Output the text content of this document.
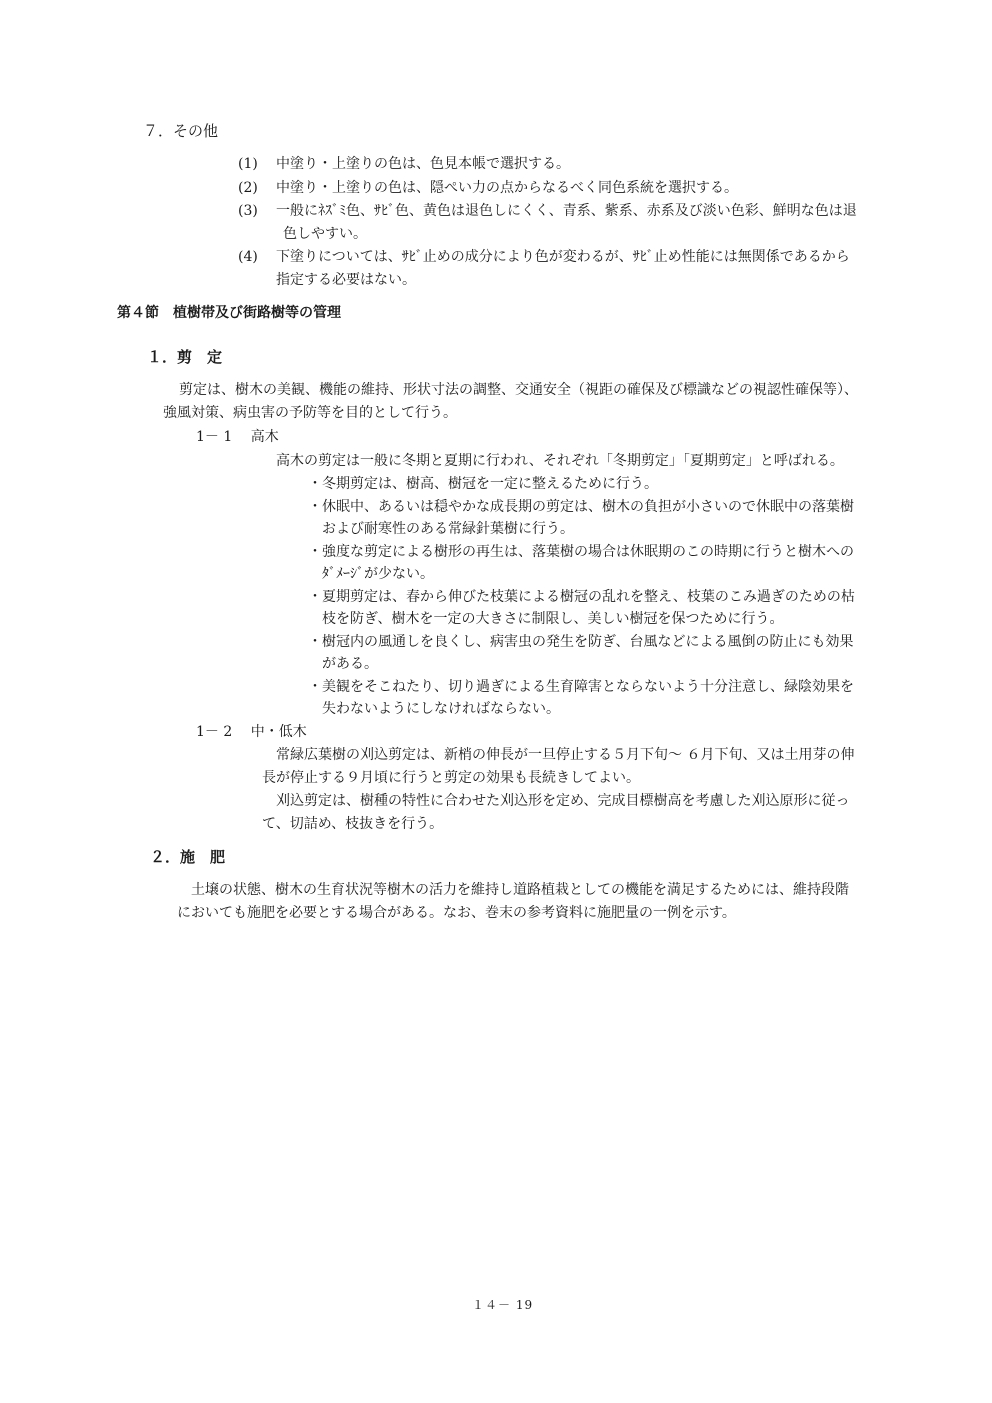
７．その他
(1) 中塗り・上塗りの色は、色見本帳で選択する。
(2) 中塗り・上塗りの色は、隠ぺい力の点からなるべく同色系統を選択する。
(3) 一般にﾈｽﾞﾐ色、ｻﾋﾞ色、黄色は退色しにくく、青系、紫系、赤系及び淡い色彩、鮮明な色は退
色しやすい。
(4) 下塗りについては、ｻﾋﾞ止めの成分により色が変わるが、ｻﾋﾞ止め性能には無関係であるから
指定する必要はない。
第４節　植樹帯及び街路樹等の管理
１．剪　定
剪定は、樹木の美観、機能の維持、形状寸法の調整、交通安全（視距の確保及び標識などの視認性確保等）、
強風対策、病虫害の予防等を目的として行う。
1－ 1　 高木
高木の剪定は一般に冬期と夏期に行われ、それぞれ「冬期剪定」「夏期剪定」と呼ばれる。
・冬期剪定は、樹高、樹冠を一定に整えるために行う。
・休眠中、あるいは穏やかな成長期の剪定は、樹木の負担が小さいので休眠中の落葉樹
　および耐寒性のある常緑針葉樹に行う。
・強度な剪定による樹形の再生は、落葉樹の場合は休眠期のこの時期に行うと樹木への
　ﾀﾞﾒｰｼﾞが少ない。
・夏期剪定は、春から伸びた枝葉による樹冠の乱れを整え、枝葉のこみ過ぎのための枯
　枝を防ぎ、樹木を一定の大きさに制限し、美しい樹冠を保つために行う。
・樹冠内の風通しを良くし、病害虫の発生を防ぎ、台風などによる風倒の防止にも効果
　がある。
・美観をそこねたり、切り過ぎによる生育障害とならないよう十分注意し、緑陰効果を
　失わないようにしなければならない。
1－ 2　 中・低木
　常緑広葉樹の刈込剪定は、新梢の伸長が一旦停止する５月下旬～ ６月下旬、又は土用芽の伸
長が停止する９月頃に行うと剪定の効果も長続きしてよい。
　刈込剪定は、樹種の特性に合わせた刈込形を定め、完成目標樹高を考慮した刈込原形に従っ
て、切詰め、枝抜きを行う。
２．施　肥
土壌の状態、樹木の生育状況等樹木の活力を維持し道路植栽としての機能を満足するためには、維持段階
においても施肥を必要とする場合がある。なお、巻末の参考資料に施肥量の一例を示す。
１４－ 19
